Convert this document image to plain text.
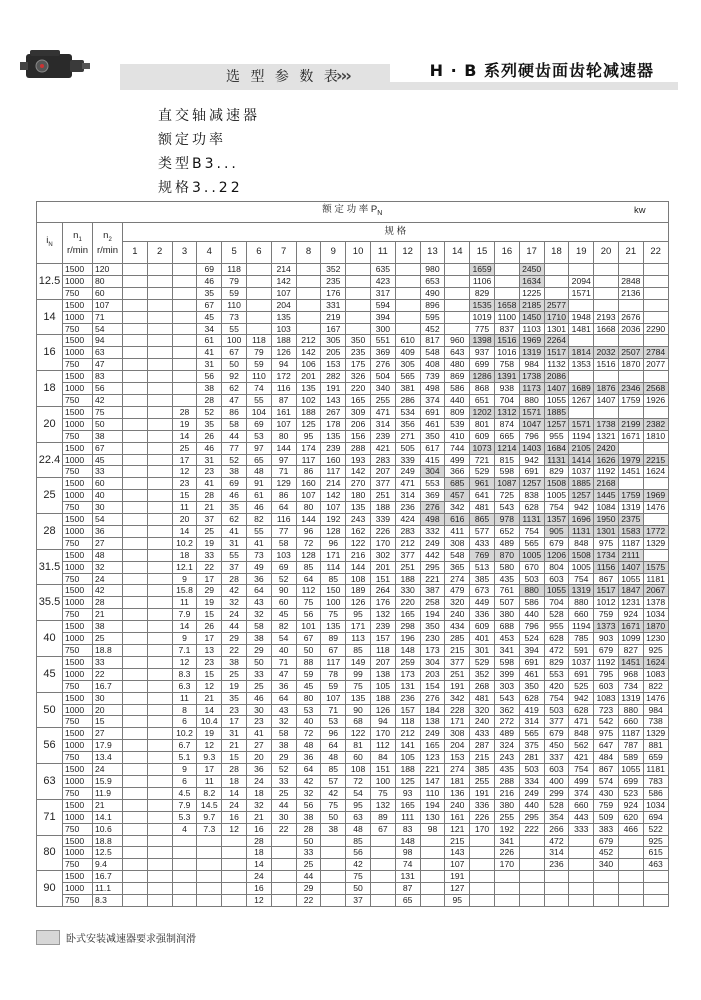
选 型 参 数 表
›››	H · B 系列硬齿面齿轮减速器
直交轴减速器
额定功率
类型B3...
规格3..22
额 定 功 率 $P_N$ kw																								

$i_N$	$n_1$
r/min	$n_2$
r/min	规 格																					
			1	2	3	4	5	6	7	8	9	10	11	12	13	14	15	16	17	18	19	20	21	22
12.5	1500	120				69	118		214		352		635		980		1659		2450					
	1000	80				46	79		142		235		423		653		1106		1634		2094		2848	
	750	60				35	59		107		176		317		490		829		1225		1571		2136	
14	1500	107				67	110		204		331		594		896		1535	1658	2185	2577				
	1000	71				45	73		135		219		394		595		1019	1100	1450	1710	1948	2193	2676	
	750	54				34	55		103		167		300		452		775	837	1103	1301	1481	1668	2036	2290
16	1500	94				61	100	118	188	212	305	350	551	610	817	960	1398	1516	1969	2264				
	1000	63				41	67	79	126	142	205	235	369	409	548	643	937	1016	1319	1517	1814	2032	2507	2784
	750	47				31	50	59	94	106	153	175	276	305	408	480	699	758	984	1132	1353	1516	1870	2077
18	1500	83				56	92	110	172	201	282	326	504	565	739	869	1286	1391	1738	2086				
	1000	56				38	62	74	116	135	191	220	340	381	498	586	868	938	1173	1407	1689	1876	2346	2568
	750	42				28	47	55	87	102	143	165	255	286	374	440	651	704	880	1055	1267	1407	1759	1926
20	1500	75			28	52	86	104	161	188	267	309	471	534	691	809	1202	1312	1571	1885				
	1000	50			19	35	58	69	107	125	178	206	314	356	461	539	801	874	1047	1257	1571	1738	2199	2382
	750	38			14	26	44	53	80	95	135	156	239	271	350	410	609	665	796	955	1194	1321	1671	1810
22.4	1500	67			25	46	77	97	144	174	239	288	421	505	617	744	1073	1214	1403	1684	2105	2420		
	1000	45			17	31	52	65	97	117	160	193	283	339	415	499	721	815	942	1131	1414	1626	1979	2215
	750	33			12	23	38	48	71	86	117	142	207	249	304	366	529	598	691	829	1037	1192	1451	1624
25	1500	60			23	41	69	91	129	160	214	270	377	471	553	685	961	1087	1257	1508	1885	2168		
	1000	40			15	28	46	61	86	107	142	180	251	314	369	457	641	725	838	1005	1257	1445	1759	1969
	750	30			11	21	35	46	64	80	107	135	188	236	276	342	481	543	628	754	942	1084	1319	1476
28	1500	54			20	37	62	82	116	144	192	243	339	424	498	616	865	978	1131	1357	1696	1950	2375	
	1000	36			14	25	41	55	77	96	128	162	226	283	332	411	577	652	754	905	1131	1301	1583	1772
	750	27			10.2	19	31	41	58	72	96	122	170	212	249	308	433	489	565	679	848	975	1187	1329
31.5	1500	48			18	33	55	73	103	128	171	216	302	377	442	548	769	870	1005	1206	1508	1734	2111	
	1000	32			12.1	22	37	49	69	85	114	144	201	251	295	365	513	580	670	804	1005	1156	1407	1575
	750	24			9	17	28	36	52	64	85	108	151	188	221	274	385	435	503	603	754	867	1055	1181
35.5	1500	42			15.8	29	42	64	90	112	150	189	264	330	387	479	673	761	880	1055	1319	1517	1847	2067
	1000	28			11	19	32	43	60	75	100	126	176	220	258	320	449	507	586	704	880	1012	1231	1378
	750	21			7.9	15	24	32	45	56	75	95	132	165	194	240	336	380	440	528	660	759	924	1034
40	1500	38			14	26	44	58	82	101	135	171	239	298	350	434	609	688	796	955	1194	1373	1671	1870
	1000	25			9	17	29	38	54	67	89	113	157	196	230	285	401	453	524	628	785	903	1099	1230
	750	18.8			7.1	13	22	29	40	50	67	85	118	148	173	215	301	341	394	472	591	679	827	925
45	1500	33			12	23	38	50	71	88	117	149	207	259	304	377	529	598	691	829	1037	1192	1451	1624
	1000	22			8.3	15	25	33	47	59	78	99	138	173	203	251	352	399	461	553	691	795	968	1083
	750	16.7			6.3	12	19	25	36	45	59	75	105	131	154	191	268	303	350	420	525	603	734	822
50	1500	30			11	21	35	46	64	80	107	135	188	236	276	342	481	543	628	754	942	1083	1319	1476
	1000	20			8	14	23	30	43	53	71	90	126	157	184	228	320	362	419	503	628	723	880	984
	750	15			6	10.4	17	23	32	40	53	68	94	118	138	171	240	272	314	377	471	542	660	738
56	1500	27			10.2	19	31	41	58	72	96	122	170	212	249	308	433	489	565	679	848	975	1187	1329
	1000	17.9			6.7	12	21	27	38	48	64	81	112	141	165	204	287	324	375	450	562	647	787	881
	750	13.4			5.1	9.3	15	20	29	36	48	60	84	105	123	153	215	243	281	337	421	484	589	659
63	1500	24			9	17	28	36	52	64	85	108	151	188	221	274	385	435	503	603	754	867	1055	1181
	1000	15.9			6	11	18	24	33	42	57	72	100	125	147	181	255	288	334	400	499	574	699	783
	750	11.9			4.5	8.2	14	18	25	32	42	54	75	93	110	136	191	216	249	299	374	430	523	586
71	1500	21			7.9	14.5	24	32	44	56	75	95	132	165	194	240	336	380	440	528	660	759	924	1034
	1000	14.1			5.3	9.7	16	21	30	38	50	63	89	111	130	161	226	255	295	354	443	509	620	694
	750	10.6			4	7.3	12	16	22	28	38	48	67	83	98	121	170	192	222	266	333	383	466	522
80	1500	18.8						28		50		85		148		215		341		472		679		925
	1000	12.5						18		33		56		98		143		226		314		452		615
	750	9.4						14		25		42		74		107		170		236		340		463
90	1500	16.7						24		44		75		131		191								
	1000	11.1						16		29		50		87		127								
	750	8.3						12		22		37		65		95								
卧式安装减速器要求强制润滑
